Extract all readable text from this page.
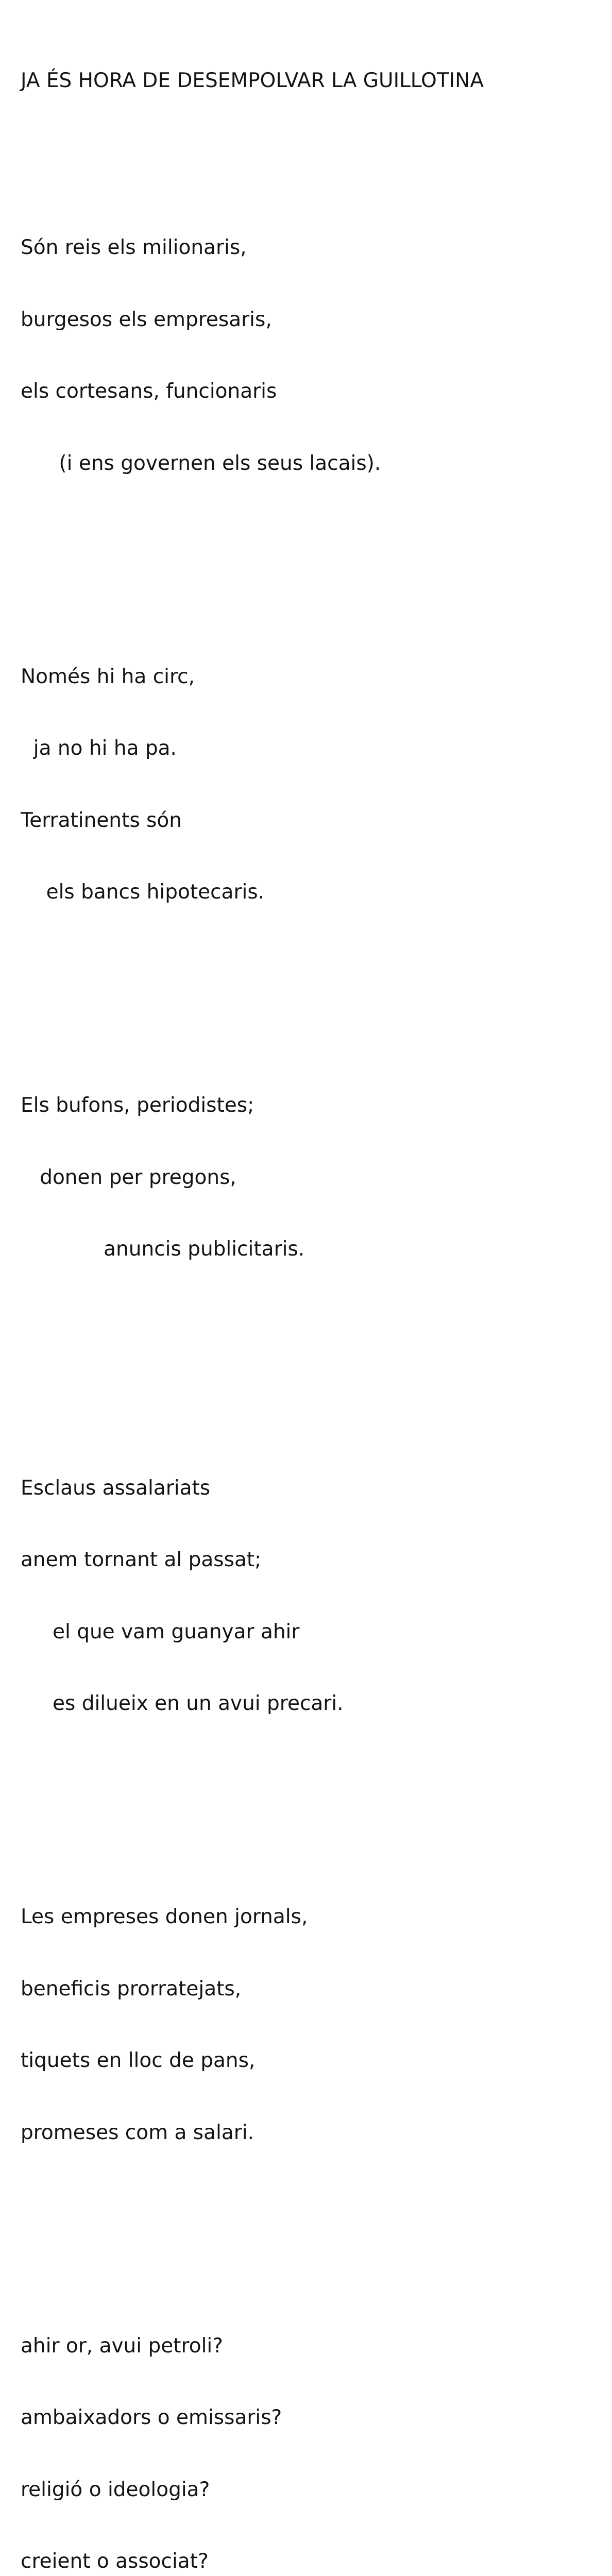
JA ÉS HORA DE DESEMPOLVAR LA GUILLOTINA

Són reis els milionaris,

burgesos els empresaris,

els cortesans, funcionaris

(i ens governen els seus lacais).

Només hi ha circ,

ja no hi ha pa.

Terratinents són

els bancs hipotecaris.

Els bufons, periodistes;

donen per pregons,

anuncis publicitaris.

Esclaus assalariats

anem tornant al passat;

el que vam guanyar ahir

es dilueix en un avui precari.

Les empreses donen jornals,

beneficis prorratejats,

tiquets en lloc de pans,

promeses com a salari.

ahir or, avui petroli?

ambaixadors o emissaris?

religió o ideologia?

creient o associat?
